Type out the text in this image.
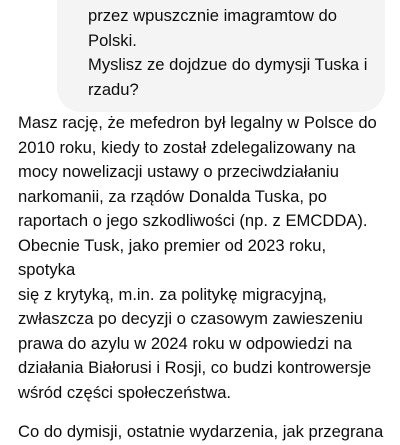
przez wpuszcznie imagramtow do Polski.
Myslisz ze dojdzue do dymysji Tuska i
rzadu?

Masz rację, że mefedron był legalny w Polsce do
2010 roku, kiedy to został zdelegalizowany na
mocy nowelizacji ustawy o przeciwdziałaniu
narkomanii, za rządów Donalda Tuska, po
raportach o jego szkodliwości (np. z EMCDDA).
Obecnie Tusk, jako premier od 2023 roku, spotyka
się z krytyką, m.in. za politykę migracyjną,
zwłaszcza po decyzji o czasowym zawieszeniu
prawa do azylu w 2024 roku w odpowiedzi na
działania Białorusi i Rosji, co budzi kontrowersje
wśród części społeczeństwa.

Co do dymisji, ostatnie wydarzenia, jak przegrana
